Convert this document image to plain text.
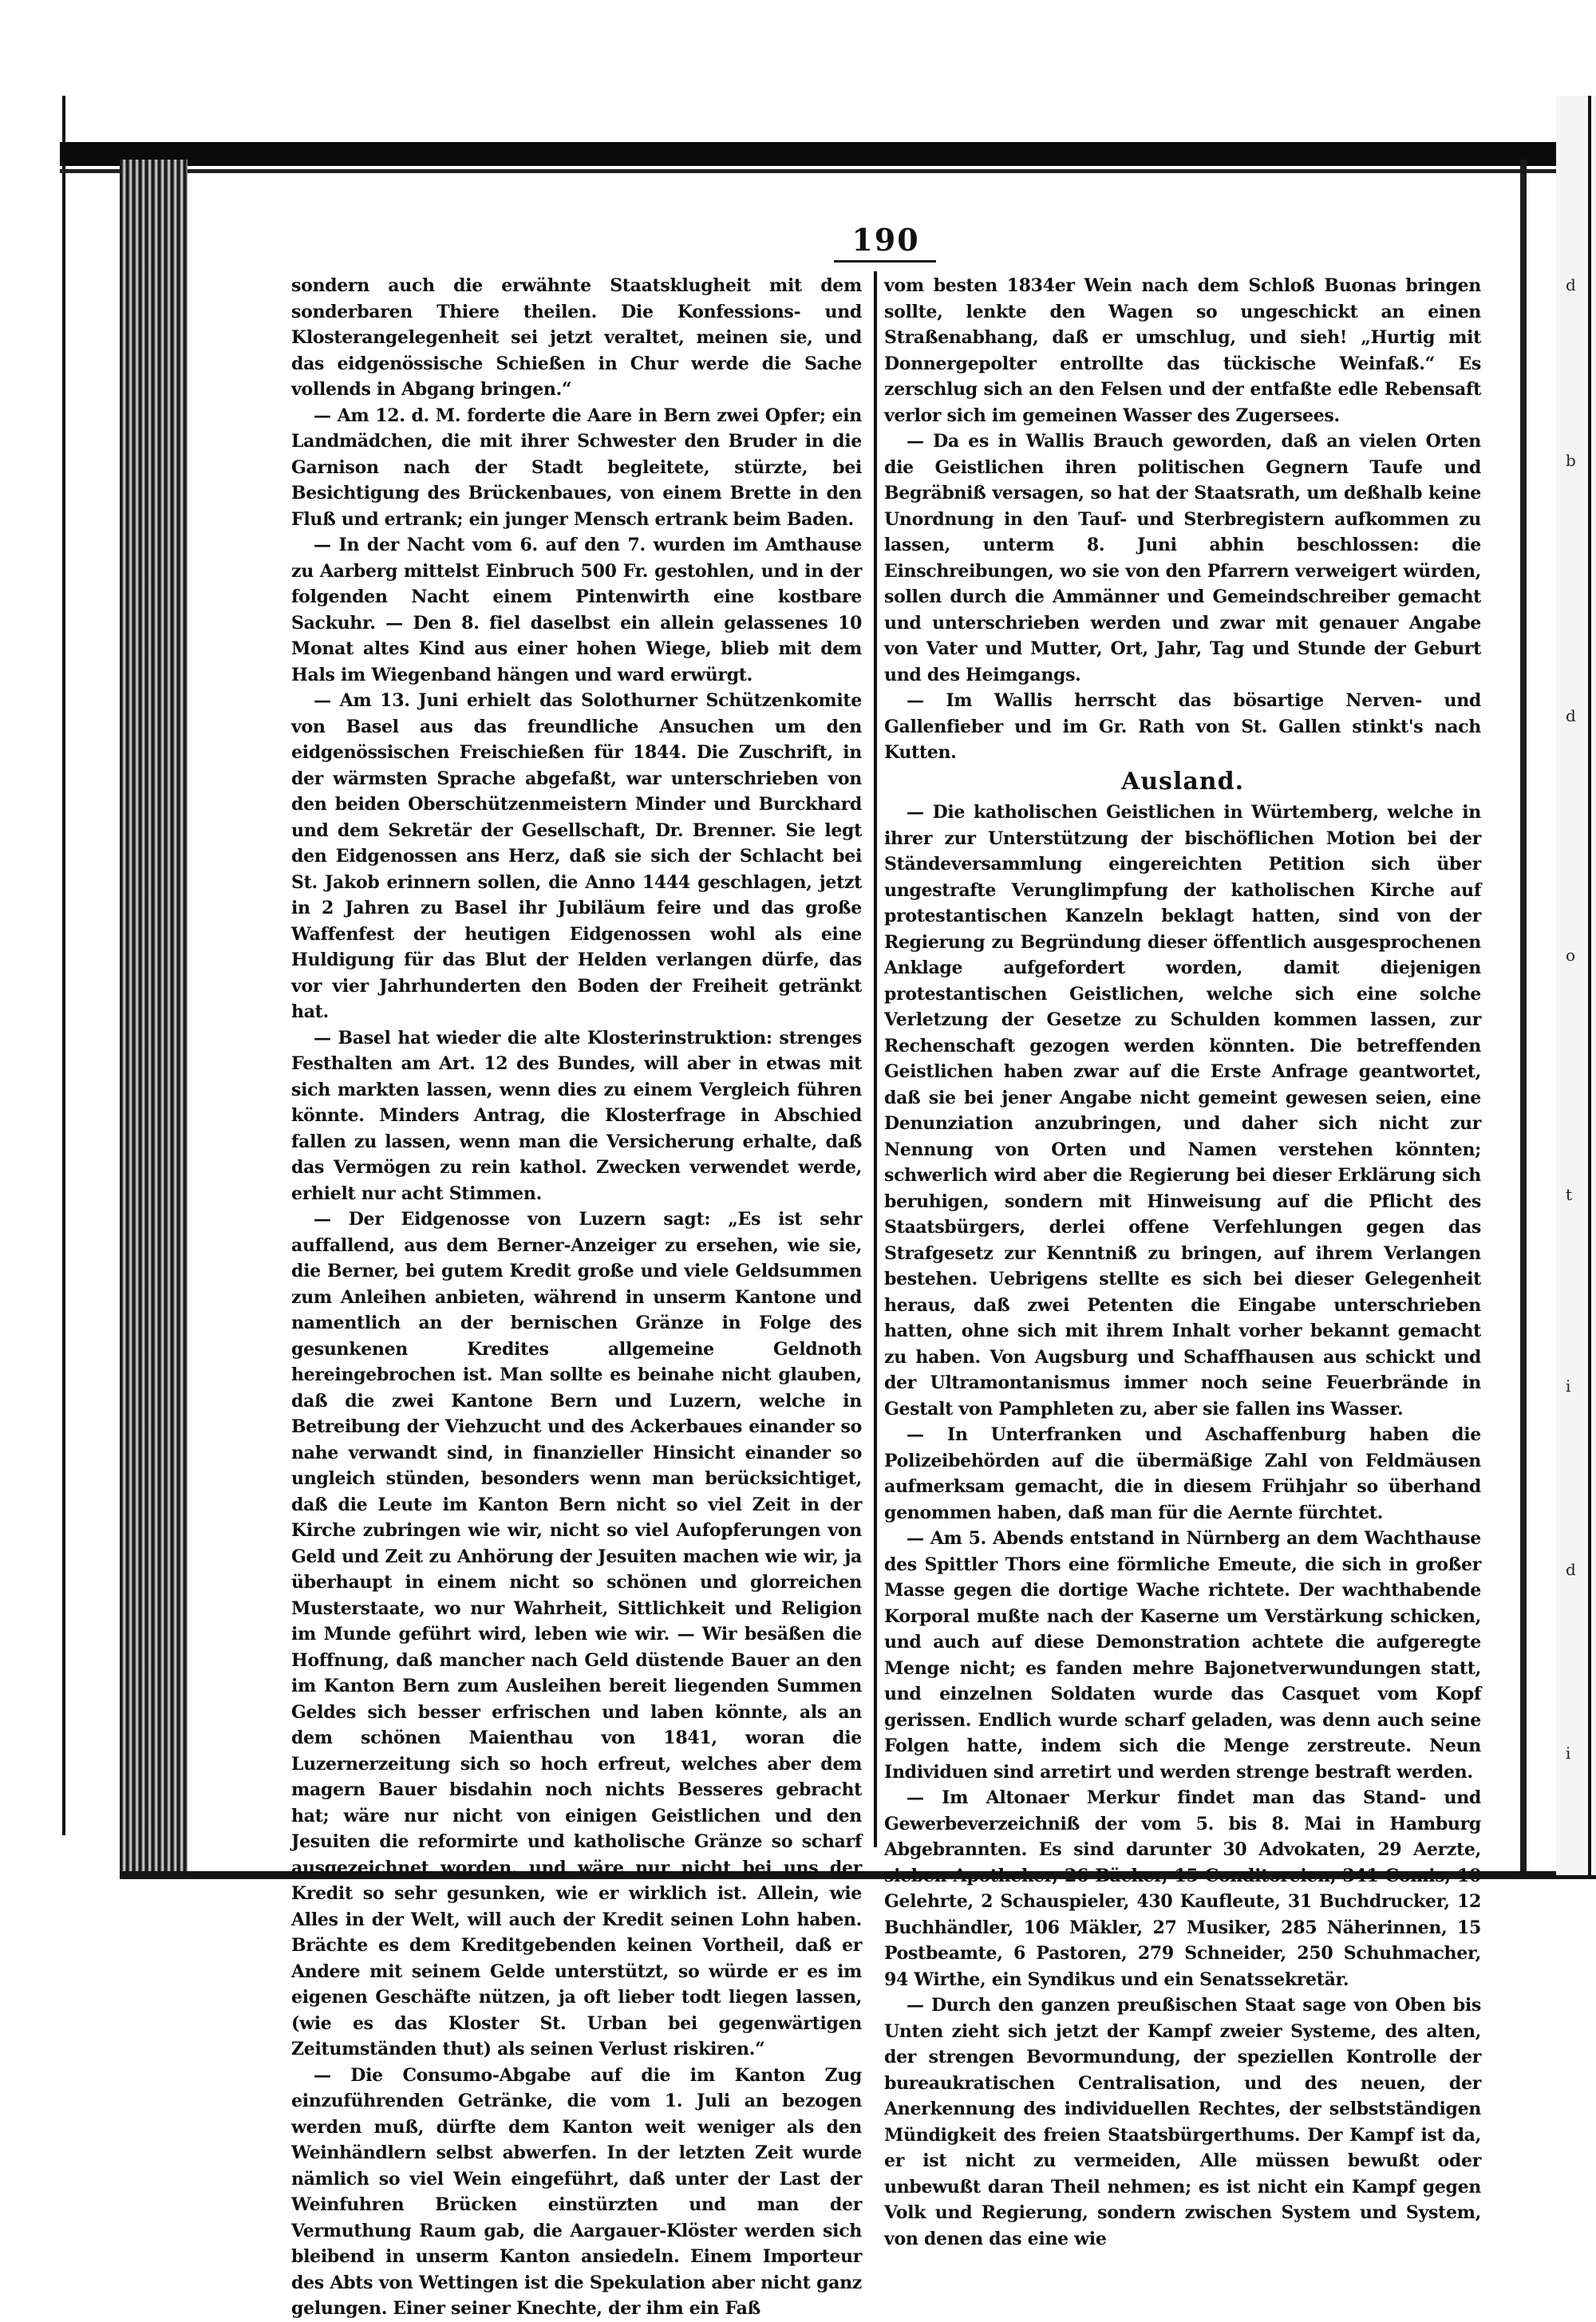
d
b
d
o
t
i
d
i
190

sondern auch die erwähnte Staatsklugheit mit dem sonderbaren Thiere theilen. Die Konfessions- und Klosterangelegenheit sei jetzt veraltet, meinen sie, und das eidgenössische Schießen in Chur werde die Sache vollends in Abgang bringen.“

— Am 12. d. M. forderte die Aare in Bern zwei Opfer; ein Landmädchen, die mit ihrer Schwester den Bruder in die Garnison nach der Stadt begleitete, stürzte, bei Besichtigung des Brückenbaues, von einem Brette in den Fluß und ertrank; ein junger Mensch ertrank beim Baden.

— In der Nacht vom 6. auf den 7. wurden im Amthause zu Aarberg mittelst Einbruch 500 Fr. gestohlen, und in der folgenden Nacht einem Pintenwirth eine kostbare Sackuhr. — Den 8. fiel daselbst ein allein gelassenes 10 Monat altes Kind aus einer hohen Wiege, blieb mit dem Hals im Wiegenband hängen und ward erwürgt.

— Am 13. Juni erhielt das Solothurner Schützenkomite von Basel aus das freundliche Ansuchen um den eidgenössischen Freischießen für 1844. Die Zuschrift, in der wärmsten Sprache abgefaßt, war unterschrieben von den beiden Oberschützenmeistern Minder und Burckhard und dem Sekretär der Gesellschaft, Dr. Brenner. Sie legt den Eidgenossen ans Herz, daß sie sich der Schlacht bei St. Jakob erinnern sollen, die Anno 1444 geschlagen, jetzt in 2 Jahren zu Basel ihr Jubiläum feire und das große Waffenfest der heutigen Eidgenossen wohl als eine Huldigung für das Blut der Helden verlangen dürfe, das vor vier Jahrhunderten den Boden der Freiheit getränkt hat.

— Basel hat wieder die alte Klosterinstruktion: strenges Festhalten am Art. 12 des Bundes, will aber in etwas mit sich markten lassen, wenn dies zu einem Vergleich führen könnte. Minders Antrag, die Klosterfrage in Abschied fallen zu lassen, wenn man die Versicherung erhalte, daß das Vermögen zu rein kathol. Zwecken verwendet werde, erhielt nur acht Stimmen.

— Der Eidgenosse von Luzern sagt: „Es ist sehr auffallend, aus dem Berner-Anzeiger zu ersehen, wie sie, die Berner, bei gutem Kredit große und viele Geldsummen zum Anleihen anbieten, während in unserm Kantone und namentlich an der bernischen Gränze in Folge des gesunkenen Kredites allgemeine Geldnoth hereingebrochen ist. Man sollte es beinahe nicht glauben, daß die zwei Kantone Bern und Luzern, welche in Betreibung der Viehzucht und des Ackerbaues einander so nahe verwandt sind, in finanzieller Hinsicht einander so ungleich stünden, besonders wenn man berücksichtiget, daß die Leute im Kanton Bern nicht so viel Zeit in der Kirche zubringen wie wir, nicht so viel Aufopferungen von Geld und Zeit zu Anhörung der Jesuiten machen wie wir, ja überhaupt in einem nicht so schönen und glorreichen Musterstaate, wo nur Wahrheit, Sittlichkeit und Religion im Munde geführt wird, leben wie wir. — Wir besäßen die Hoffnung, daß mancher nach Geld düstende Bauer an den im Kanton Bern zum Ausleihen bereit liegenden Summen Geldes sich besser erfrischen und laben könnte, als an dem schönen Maienthau von 1841, woran die Luzernerzeitung sich so hoch erfreut, welches aber dem magern Bauer bisdahin noch nichts Besseres gebracht hat; wäre nur nicht von einigen Geistlichen und den Jesuiten die reformirte und katholische Gränze so scharf ausgezeichnet worden, und wäre nur nicht bei uns der Kredit so sehr gesunken, wie er wirklich ist. Allein, wie Alles in der Welt, will auch der Kredit seinen Lohn haben. Brächte es dem Kreditgebenden keinen Vortheil, daß er Andere mit seinem Gelde unterstützt, so würde er es im eigenen Geschäfte nützen, ja oft lieber todt liegen lassen, (wie es das Kloster St. Urban bei gegenwärtigen Zeitumständen thut) als seinen Verlust riskiren.“

— Die Consumo-Abgabe auf die im Kanton Zug einzuführenden Getränke, die vom 1. Juli an bezogen werden muß, dürfte dem Kanton weit weniger als den Weinhändlern selbst abwerfen. In der letzten Zeit wurde nämlich so viel Wein eingeführt, daß unter der Last der Weinfuhren Brücken einstürzten und man der Vermuthung Raum gab, die Aargauer-Klöster werden sich bleibend in unserm Kanton ansiedeln. Einem Importeur des Abts von Wettingen ist die Spekulation aber nicht ganz gelungen. Einer seiner Knechte, der ihm ein Faß

vom besten 1834er Wein nach dem Schloß Buonas bringen sollte, lenkte den Wagen so ungeschickt an einen Straßenabhang, daß er umschlug, und sieh! „Hurtig mit Donnergepolter entrollte das tückische Weinfaß.“ Es zerschlug sich an den Felsen und der entfaßte edle Rebensaft verlor sich im gemeinen Wasser des Zugersees.

— Da es in Wallis Brauch geworden, daß an vielen Orten die Geistlichen ihren politischen Gegnern Taufe und Begräbniß versagen, so hat der Staatsrath, um deßhalb keine Unordnung in den Tauf- und Sterbregistern aufkommen zu lassen, unterm 8. Juni abhin beschlossen: die Einschreibungen, wo sie von den Pfarrern verweigert würden, sollen durch die Ammänner und Gemeindschreiber gemacht und unterschrieben werden und zwar mit genauer Angabe von Vater und Mutter, Ort, Jahr, Tag und Stunde der Geburt und des Heimgangs.

— Im Wallis herrscht das bösartige Nerven- und Gallenfieber und im Gr. Rath von St. Gallen stinkt's nach Kutten.

Ausland.

— Die katholischen Geistlichen in Würtemberg, welche in ihrer zur Unterstützung der bischöflichen Motion bei der Ständeversammlung eingereichten Petition sich über ungestrafte Verunglimpfung der katholischen Kirche auf protestantischen Kanzeln beklagt hatten, sind von der Regierung zu Begründung dieser öffentlich ausgesprochenen Anklage aufgefordert worden, damit diejenigen protestantischen Geistlichen, welche sich eine solche Verletzung der Gesetze zu Schulden kommen lassen, zur Rechenschaft gezogen werden könnten. Die betreffenden Geistlichen haben zwar auf die Erste Anfrage geantwortet, daß sie bei jener Angabe nicht gemeint gewesen seien, eine Denunziation anzubringen, und daher sich nicht zur Nennung von Orten und Namen verstehen könnten; schwerlich wird aber die Regierung bei dieser Erklärung sich beruhigen, sondern mit Hinweisung auf die Pflicht des Staatsbürgers, derlei offene Verfehlungen gegen das Strafgesetz zur Kenntniß zu bringen, auf ihrem Verlangen bestehen. Uebrigens stellte es sich bei dieser Gelegenheit heraus, daß zwei Petenten die Eingabe unterschrieben hatten, ohne sich mit ihrem Inhalt vorher bekannt gemacht zu haben. Von Augsburg und Schaffhausen aus schickt und der Ultramontanismus immer noch seine Feuerbrände in Gestalt von Pamphleten zu, aber sie fallen ins Wasser.

— In Unterfranken und Aschaffenburg haben die Polizeibehörden auf die übermäßige Zahl von Feldmäusen aufmerksam gemacht, die in diesem Frühjahr so überhand genommen haben, daß man für die Aernte fürchtet.

— Am 5. Abends entstand in Nürnberg an dem Wachthause des Spittler Thors eine förmliche Emeute, die sich in großer Masse gegen die dortige Wache richtete. Der wachthabende Korporal mußte nach der Kaserne um Verstärkung schicken, und auch auf diese Demonstration achtete die aufgeregte Menge nicht; es fanden mehre Bajonetverwundungen statt, und einzelnen Soldaten wurde das Casquet vom Kopf gerissen. Endlich wurde scharf geladen, was denn auch seine Folgen hatte, indem sich die Menge zerstreute. Neun Individuen sind arretirt und werden strenge bestraft werden.

— Im Altonaer Merkur findet man das Stand- und Gewerbeverzeichniß der vom 5. bis 8. Mai in Hamburg Abgebrannten. Es sind darunter 30 Advokaten, 29 Aerzte, sieben Apotheker, 26 Bäcker, 15 Conditoreien, 341 Comis, 10 Gelehrte, 2 Schauspieler, 430 Kaufleute, 31 Buchdrucker, 12 Buchhändler, 106 Mäkler, 27 Musiker, 285 Näherinnen, 15 Postbeamte, 6 Pastoren, 279 Schneider, 250 Schuhmacher, 94 Wirthe, ein Syndikus und ein Senatssekretär.

— Durch den ganzen preußischen Staat sage von Oben bis Unten zieht sich jetzt der Kampf zweier Systeme, des alten, der strengen Bevormundung, der speziellen Kontrolle der bureaukratischen Centralisation, und des neuen, der Anerkennung des individuellen Rechtes, der selbstständigen Mündigkeit des freien Staatsbürgerthums. Der Kampf ist da, er ist nicht zu vermeiden, Alle müssen bewußt oder unbewußt daran Theil nehmen; es ist nicht ein Kampf gegen Volk und Regierung, sondern zwischen System und System, von denen das eine wie
